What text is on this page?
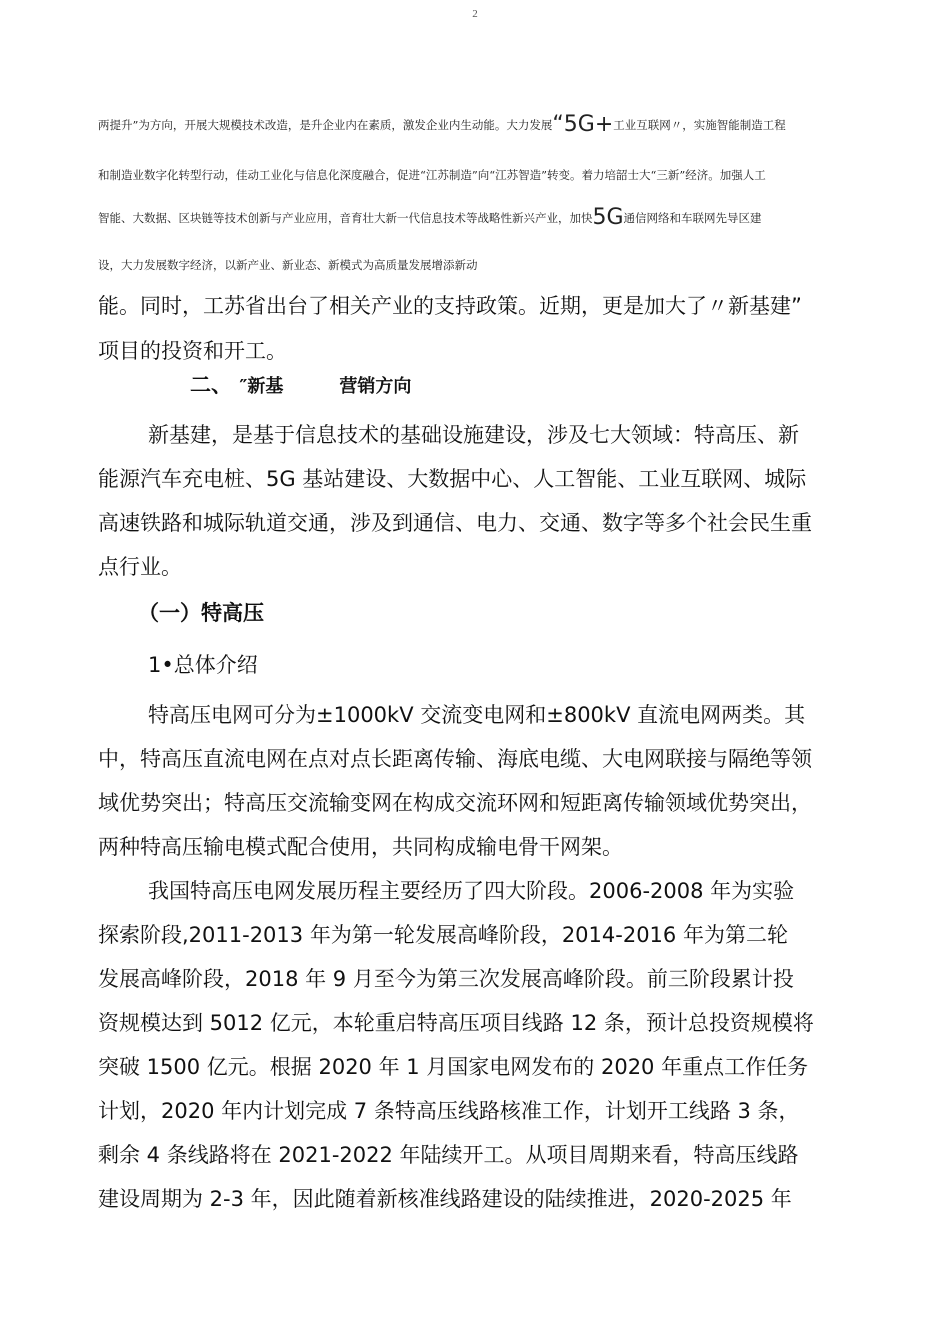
2
两提升”为方向，开展大规模技术改造，是升企业内在素质，激发企业内生动能。大力发展“5G+工业互联网〃，实施智能制造工程
和制造业数字化转型行动，佳动工业化与信息化深度融合，促进“江苏制造”向“江苏智造”转变。着力培韶士大“三新”经济。加强人工
智能、大数据、区块链等技术创新与产业应用，音育壮大新一代信息技术等战略性新兴产业，加快5G通信网络和车联网先导区建
设，大力发展数字经济，以新产业、新业态、新模式为高质量发展增添新动
能。同时，工苏省出台了相关产业的支持政策。近期，更是加大了〃新基建”
项目的投资和开工。
二、 ″新基	营销方向
新基建，是基于信息技术的基础设施建设，涉及七大领域：特高压、新
能源汽车充电桩、5G 基站建设、大数据中心、人工智能、工业互联网、城际
高速铁路和城际轨道交通，涉及到通信、电力、交通、数字等多个社会民生重
点行业。
（一）特高压
1•总体介绍
特高压电网可分为±1000kV 交流变电网和±800kV 直流电网两类。其
中，特高压直流电网在点对点长距离传输、海底电缆、大电网联接与隔绝等领
域优势突出；特高压交流输变网在构成交流环网和短距离传输领域优势突出，
两种特高压输电模式配合使用，共同构成输电骨干网架。
我国特高压电网发展历程主要经历了四大阶段。2006-2008 年为实验
探索阶段,2011-2013 年为第一轮发展高峰阶段，2014-2016 年为第二轮
发展高峰阶段，2018 年 9 月至今为第三次发展高峰阶段。前三阶段累计投
资规模达到 5012 亿元，本轮重启特高压项目线路 12 条，预计总投资规模将
突破 1500 亿元。根据 2020 年 1 月国家电网发布的 2020 年重点工作任务
计划，2020 年内计划完成 7 条特高压线路核准工作，计划开工线路 3 条，
剩余 4 条线路将在 2021-2022 年陆续开工。从项目周期来看，特高压线路
建设周期为 2-3 年，因此随着新核准线路建设的陆续推进，2020-2025 年
